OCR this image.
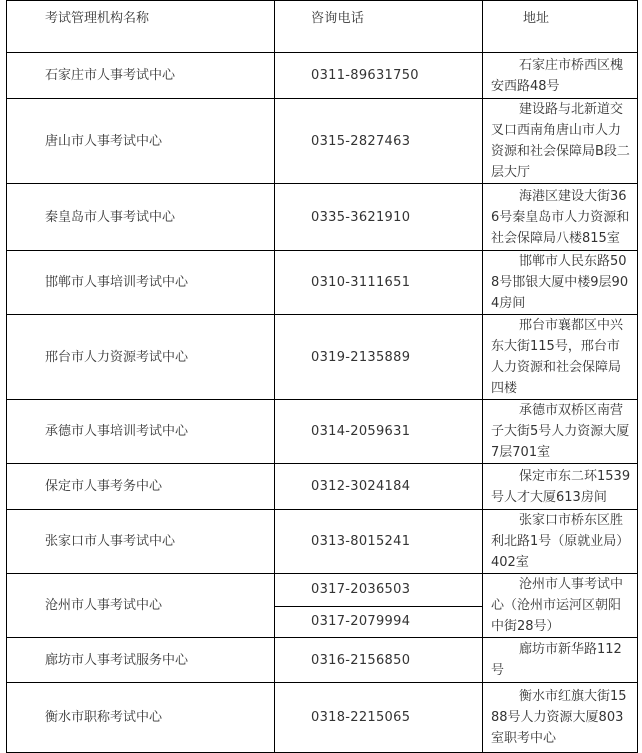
考试管理机构名称	咨询电话	地址
石家庄市人事考试中心	0311-89631750	石家庄市桥西区槐安西路48号
唐山市人事考试中心	0315-2827463	建设路与北新道交叉口西南角唐山市人力资源和社会保障局B段二层大厅
秦皇岛市人事考试中心	0335-3621910	海港区建设大街366号秦皇岛市人力资源和社会保障局八楼815室
邯郸市人事培训考试中心	0310-3111651	邯郸市人民东路508号邯银大厦中楼9层904房间
邢台市人力资源考试中心	0319-2135889	邢台市襄都区中兴东大街115号，邢台市人力资源和社会保障局四楼
承德市人事培训考试中心	0314-2059631	承德市双桥区南营子大街5号人力资源大厦7层701室
保定市人事考务中心	0312-3024184	保定市东二环1539号人才大厦613房间
张家口市人事考试中心	0313-8015241	张家口市桥东区胜利北路1号（原就业局）402室
沧州市人事考试中心	0317-2036503	沧州市人事考试中心（沧州市运河区朝阳中街28号）
	0317-2079994	
廊坊市人事考试服务中心	0316-2156850	廊坊市新华路112号
衡水市职称考试中心	0318-2215065	衡水市红旗大街1588号人力资源大厦803室职考中心
